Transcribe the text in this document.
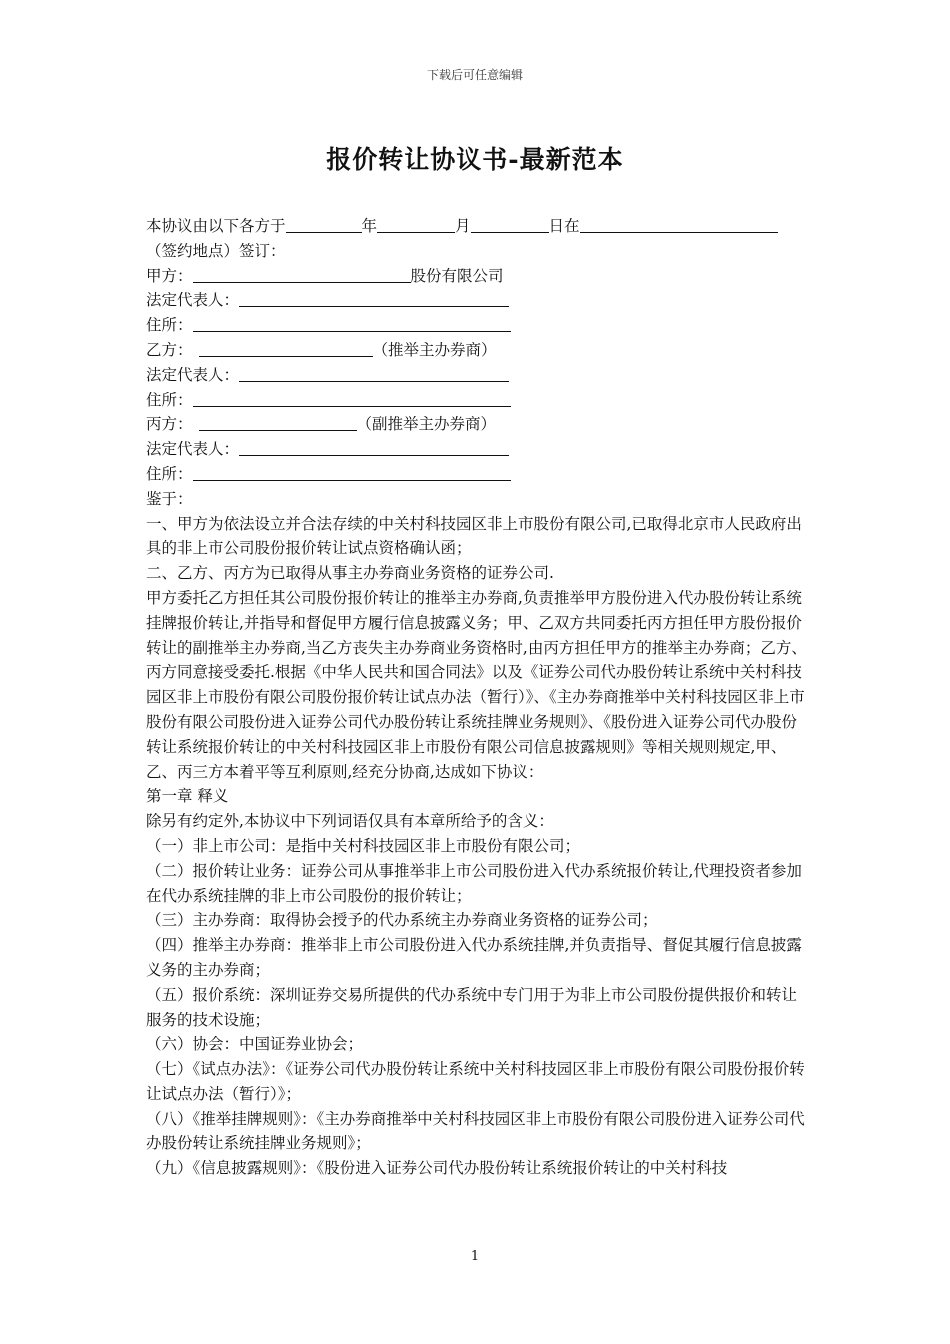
下载后可任意编辑
报价转让协议书-最新范本
本协议由以下各方于	年	月	日在
（签约地点）签订：
甲方：	股份有限公司
法定代表人：
住所：
乙方：	（推举主办券商）
法定代表人：
住所：
丙方：	（副推举主办券商）
法定代表人：
住所：
鉴于：
一、甲方为依法设立并合法存续的中关村科技园区非上市股份有限公司,已取得北京市人民政府出具的非上市公司股份报价转让试点资格确认函；
二、乙方、丙方为已取得从事主办券商业务资格的证券公司.
甲方委托乙方担任其公司股份报价转让的推举主办券商,负责推举甲方股份进入代办股份转让系统挂牌报价转让,并指导和督促甲方履行信息披露义务；甲、乙双方共同委托丙方担任甲方股份报价转让的副推举主办券商,当乙方丧失主办券商业务资格时,由丙方担任甲方的推举主办券商；乙方、丙方同意接受委托.根据《中华人民共和国合同法》以及《证券公司代办股份转让系统中关村科技园区非上市股份有限公司股份报价转让试点办法（暂行）》、《主办券商推举中关村科技园区非上市股份有限公司股份进入证券公司代办股份转让系统挂牌业务规则》、《股份进入证券公司代办股份转让系统报价转让的中关村科技园区非上市股份有限公司信息披露规则》等相关规则规定,甲、乙、丙三方本着平等互利原则,经充分协商,达成如下协议：
第一章 释义
除另有约定外,本协议中下列词语仅具有本章所给予的含义：
（一）非上市公司：是指中关村科技园区非上市股份有限公司；
（二）报价转让业务：证券公司从事推举非上市公司股份进入代办系统报价转让,代理投资者参加在代办系统挂牌的非上市公司股份的报价转让；
（三）主办券商：取得协会授予的代办系统主办券商业务资格的证券公司；
（四）推举主办券商：推举非上市公司股份进入代办系统挂牌,并负责指导、督促其履行信息披露义务的主办券商；
（五）报价系统：深圳证券交易所提供的代办系统中专门用于为非上市公司股份提供报价和转让服务的技术设施；
（六）协会：中国证券业协会；
（七）《试点办法》：《证券公司代办股份转让系统中关村科技园区非上市股份有限公司股份报价转让试点办法（暂行）》；
（八）《推举挂牌规则》：《主办券商推举中关村科技园区非上市股份有限公司股份进入证券公司代办股份转让系统挂牌业务规则》；
（九）《信息披露规则》：《股份进入证券公司代办股份转让系统报价转让的中关村科技
1
